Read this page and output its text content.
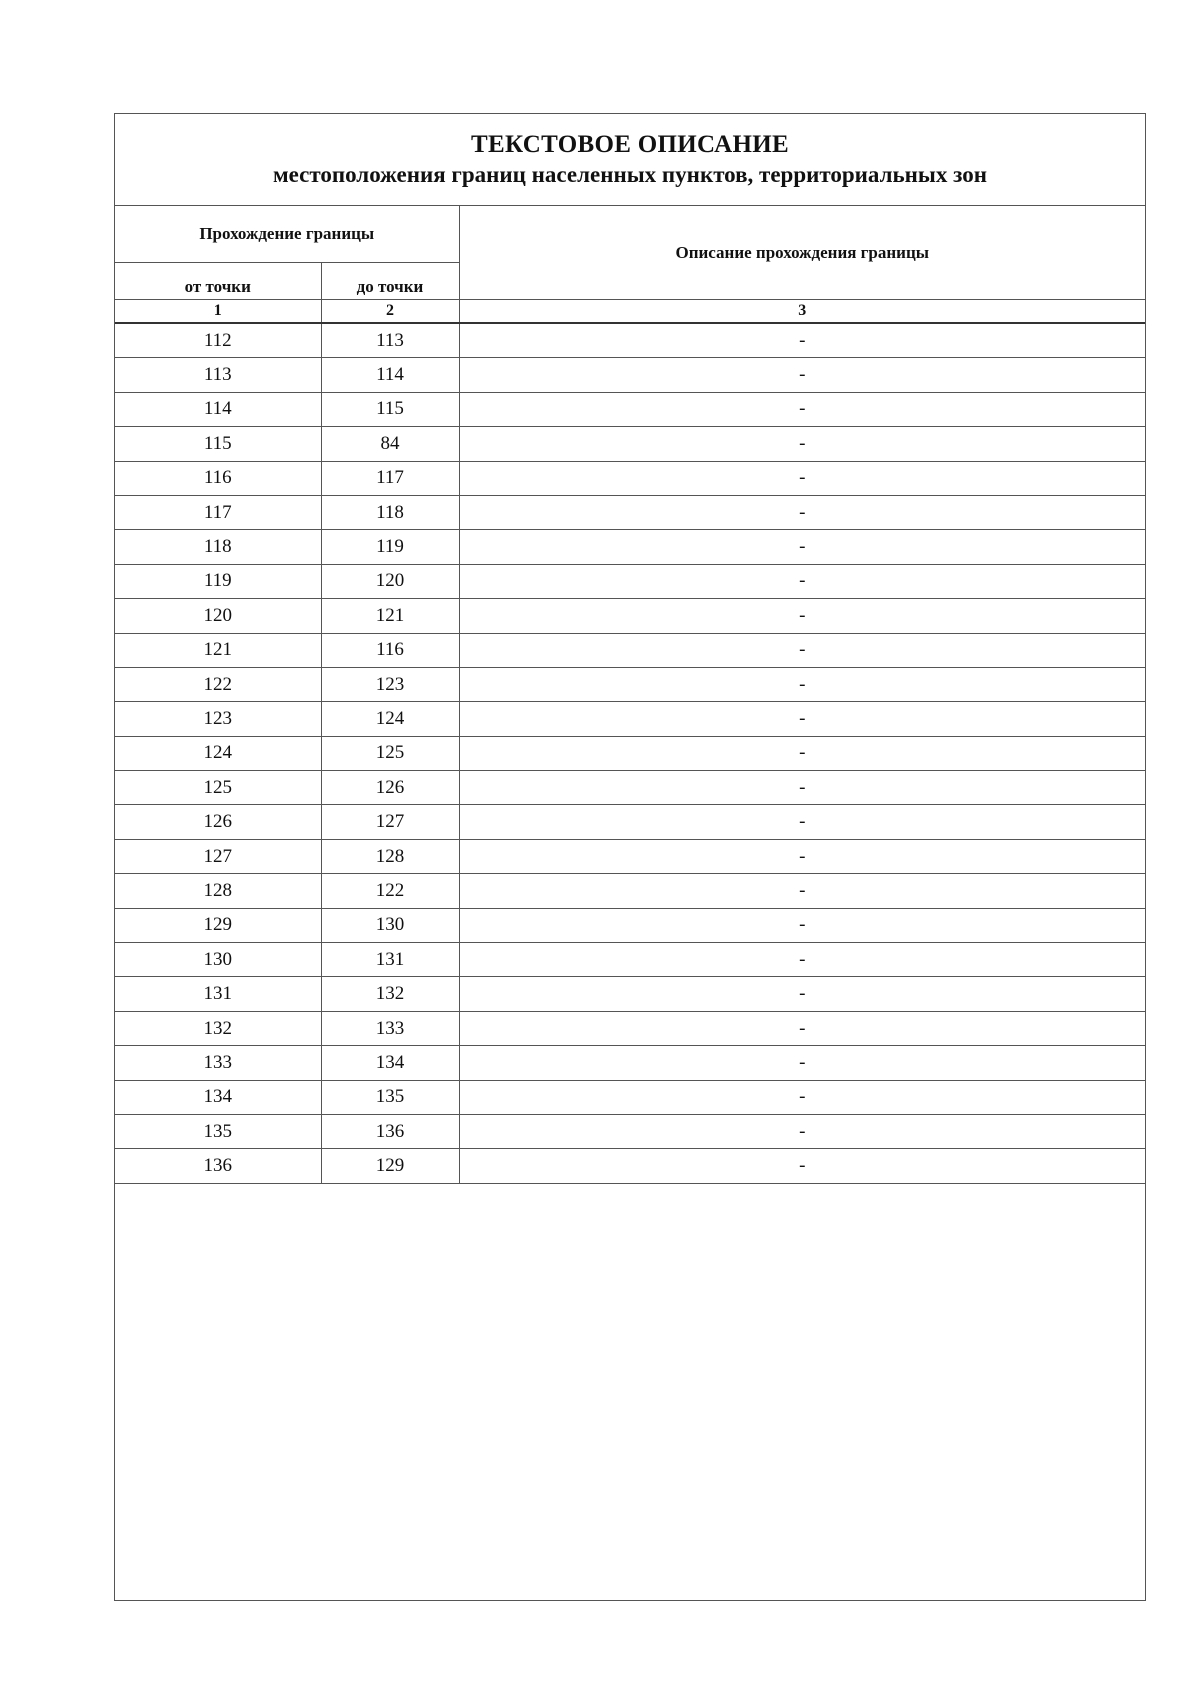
ТЕКСТОВОЕ ОПИСАНИЕ
местоположения границ населенных пунктов, территориальных зон
Прохождение границы		Описание прохождения границы
от точки	до точки	
1	2	3
112	113	-
113	114	-
114	115	-
115	84	-
116	117	-
117	118	-
118	119	-
119	120	-
120	121	-
121	116	-
122	123	-
123	124	-
124	125	-
125	126	-
126	127	-
127	128	-
128	122	-
129	130	-
130	131	-
131	132	-
132	133	-
133	134	-
134	135	-
135	136	-
136	129	-
